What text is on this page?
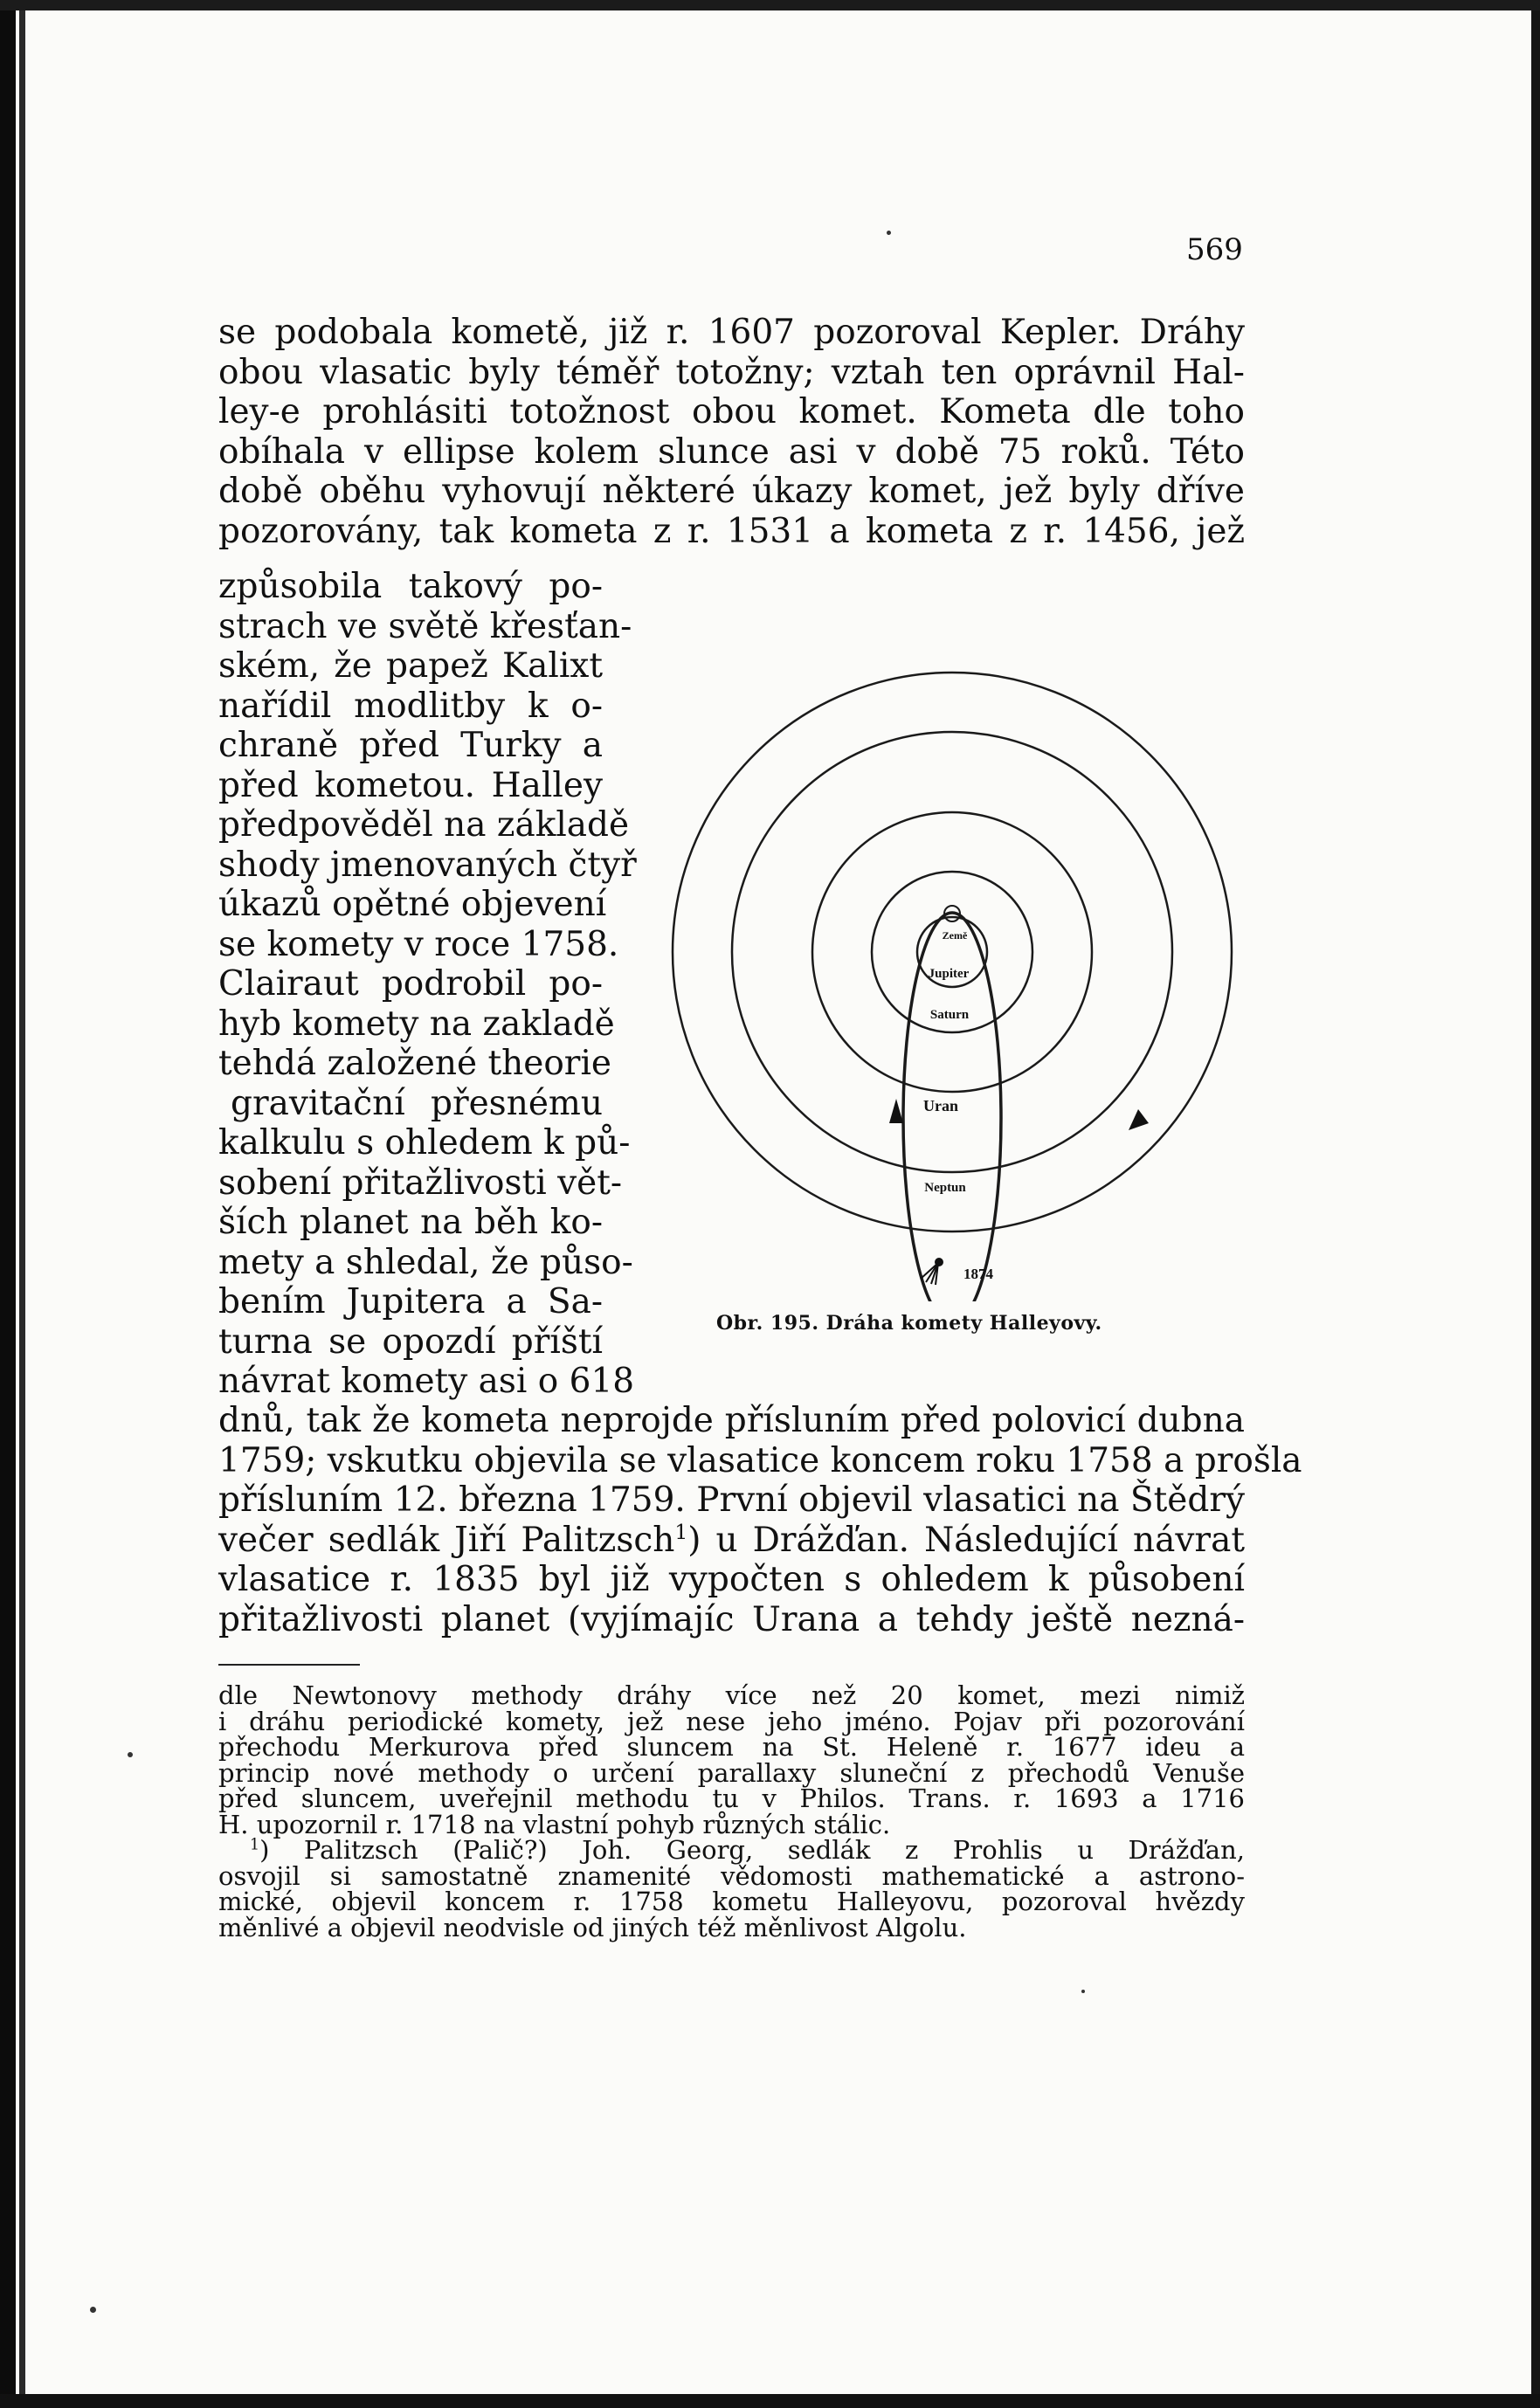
569
se podobala kometě, již r. 1607 pozoroval Kepler. Dráhy
obou vlasatic byly téměř totožny; vztah ten oprávnil Hal-
ley-e prohlásiti totožnost obou komet. Kometa dle toho
obíhala v ellipse kolem slunce asi v době 75 roků. Této
době oběhu vyhovují některé úkazy komet, jež byly dříve
pozorovány, tak kometa z r. 1531 a kometa z r. 1456, jež
způsobila takový po-
strach ve světě křesťan-
ském, že papež Kalixt
nařídil modlitby k o-
chraně před Turky a
před kometou. Halley
předpověděl na základě
shody jmenovaných čtyř
úkazů opětné objevení
se komety v roce 1758.
Clairaut podrobil po-
hyb komety na zakladě
tehdá založené theorie
gravitační přesnému
kalkulu s ohledem k pů-
sobení přitažlivosti vět-
ších planet na běh ko-
mety a shledal, že půso-
bením Jupitera a Sa-
turna se opozdí příští
návrat komety asi o 618
dnů, tak že kometa neprojde přísluním před polovicí dubna
1759; vskutku objevila se vlasatice koncem roku 1758 a prošla
přísluním 12. března 1759. První objevil vlasatici na Štědrý
večer sedlák Jiří Palitzsch$^1$) u Drážďan. Následující návrat
vlasatice r. 1835 byl již vypočten s ohledem k působení
přitažlivosti planet (vyjímajíc Urana a tehdy ještě nezná-
dle Newtonovy methody dráhy více než 20 komet, mezi nimiž
i dráhu periodické komety, jež nese jeho jméno. Pojav při pozorování
přechodu Merkurova před sluncem na St. Heleně r. 1677 ideu a
princip nové methody o určení parallaxy sluneční z přechodů Venuše
před sluncem, uveřejnil methodu tu v Philos. Trans. r. 1693 a 1716
H. upozornil r. 1718 na vlastní pohyb různých stálic.
$^1$) Palitzsch (Palič?) Joh. Georg, sedlák z Prohlis u Drážďan,
osvojil si samostatně znamenité vědomosti mathematické a astrono-
mické, objevil koncem r. 1758 kometu Halleyovu, pozoroval hvězdy
měnlivé a objevil neodvisle od jiných též měnlivost Algolu.
Země
Jupiter
Saturn
Uran
Neptun
1874
Obr. 195. Dráha komety Halleyovy.
